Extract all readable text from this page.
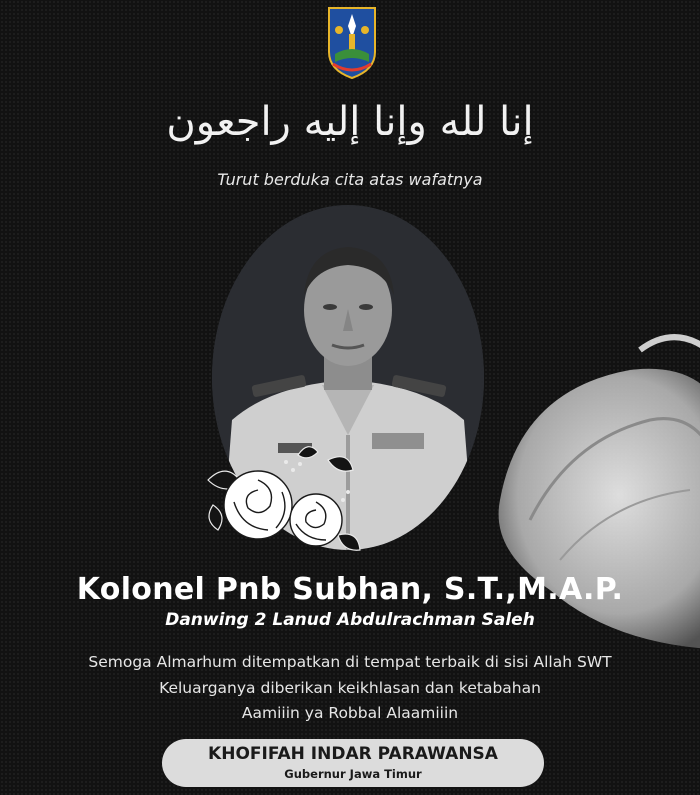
إنا لله وإنا إليه راجعون
Turut berduka cita atas wafatnya
Kolonel Pnb Subhan, S.T.,M.A.P.
Danwing 2 Lanud Abdulrachman Saleh
Semoga Almarhum ditempatkan di tempat terbaik di sisi Allah SWT
Keluarganya diberikan keikhlasan dan ketabahan
Aamiiin ya Robbal Alaamiiin
KHOFIFAH INDAR PARAWANSA
Gubernur Jawa Timur
